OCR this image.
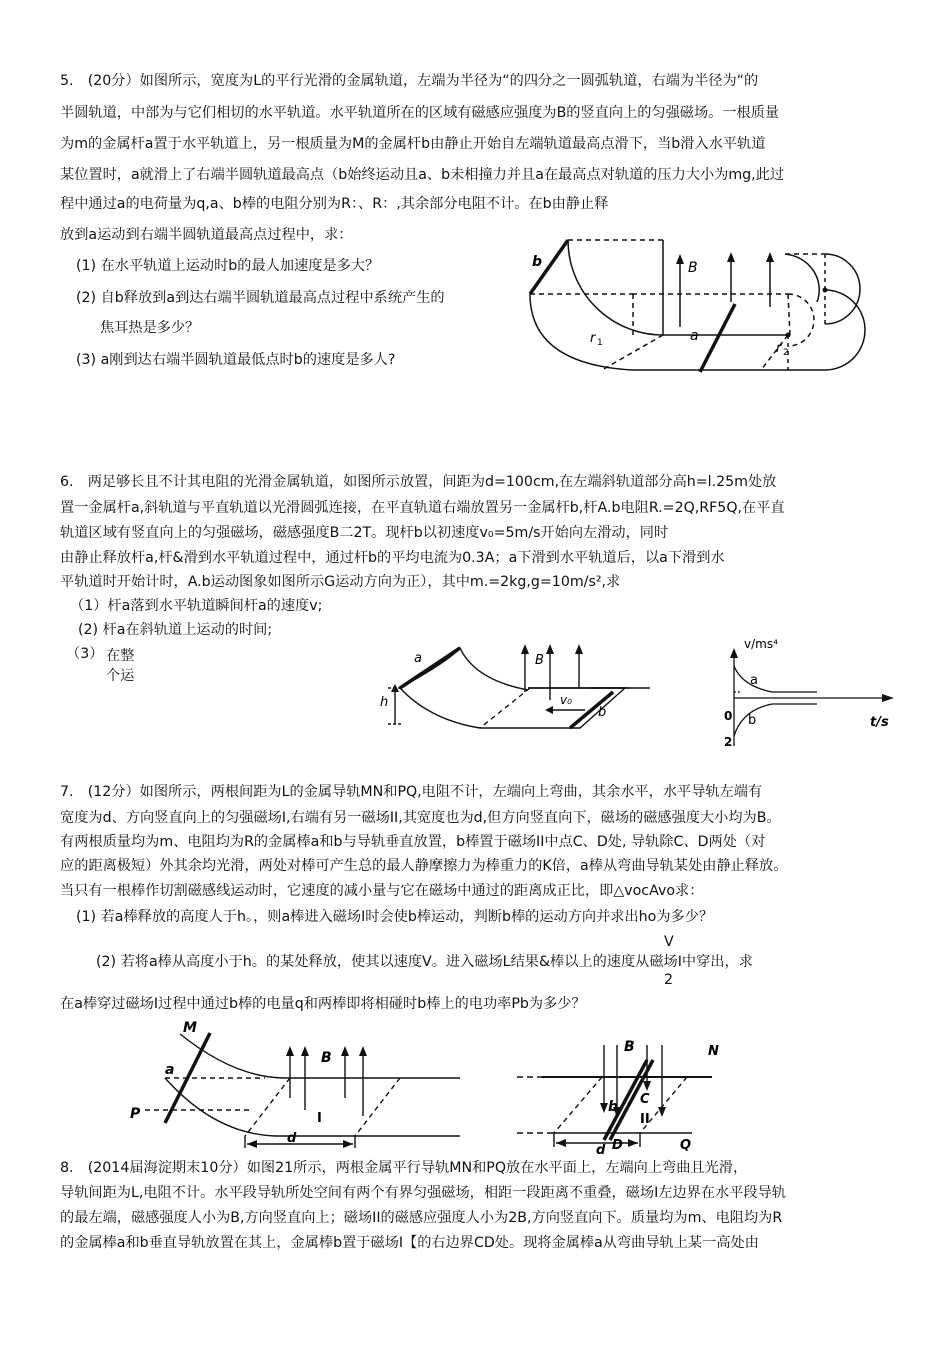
5.　(20分）如图所示，宽度为L的平行光滑的金属轨道，左端为半径为“的四分之一圆弧轨道，右端为半径为“的
半圆轨道，中部为与它们相切的水平轨道。水平轨道所在的区域有磁感应强度为B的竖直向上的匀强磁场。一根质量
为m的金属杆a置于水平轨道上，另一根质量为M的金属杆b由静止开始自左端轨道最高点滑下，当b滑入水平轨道
某位置时，a就滑上了右端半圆轨道最高点（b始终运动且a、b未相撞力并且a在最高点对轨道的压力大小为mg,此过
程中通过a的电荷量为q,a、b棒的电阻分别为R：、R：,其余部分电阻不计。在b由静止释
放到a运动到右端半圆轨道最高点过程中，求：
(1) 在水平轨道上运动时b的最人加速度是多大？
(2) 自b释放到a到达右端半圆轨道最高点过程中系统产生的
焦耳热是多少？
(3) a刚到达右端半圆轨道最低点时b的速度是多人?
b	B
a
r 1	r 2
6.　两足够长且不计其电阻的光滑金属轨道，如图所示放置，间距为d=100cm,在左端斜轨道部分高h=l.25m处放
置一金属杆a,斜轨道与平直轨道以光滑圆弧连接，在平直轨道右端放置另一金属杆b,杆A.b电阻R.=2Q,RF5Q,在平直
轨道区域有竖直向上的匀强磁场，磁感强度B二2T。现杆b以初速度v₀=5m/s开始向左滑动，同时
由静止释放杆a,杆&滑到水平轨道过程中，通过杆b的平均电流为0.3A；a下滑到水平轨道后，以a下滑到水
平轨道时开始计时，A.b运动图象如图所示G运动方向为正），其中m.=2kg,g=10m/s²,求
（1）杆a落到水平轨道瞬间杆a的速度v;
(2) 杆a在斜轨道上运动的时间;
（3） 在整
个运
a	B
h	v₀
b
v/ms⁴
a
b
0
2
t/s
7.　(12分）如图所示，两根间距为L的金属导轨MN和PQ,电阻不计，左端向上弯曲，其余水平，水平导轨左端有
宽度为d、方向竖直向上的匀强磁场I,右端有另一磁场II,其宽度也为d,但方向竖直向下，磁场的磁感强度大小均为B。
有两根质量均为m、电阻均为R的金属棒a和b与导轨垂直放置，b棒置于磁场II中点C、D处, 导轨除C、D两处（对
应的距离极短）外其余均光滑，两处对棒可产生总的最人静摩擦力为棒重力的K倍，a棒从弯曲导轨某处由静止释放。
当只有一根棒作切割磁感线运动时，它速度的减小量与它在磁场中通过的距离成正比，即△vocAvo求：
(1) 若a棒释放的高度人于h。，则a棒进入磁场I时会使b棒运动，判断b棒的运动方向并求出ho为多少？
V
(2) 若将a棒从高度小于h。的某处释放，使其以速度V。进入磁场L结果&棒以上的速度从磁场I中穿出，求
2
在a棒穿过磁场I过程中通过b棒的电量q和两棒即将相碰时b棒上的电功率Pb为多少？
M
a
P
B
I
d
B	N
b C
II
D	Q
d
8.　(2014届海淀期末10分）如图21所示，两根金属平行导轨MN和PQ放在水平面上，左端向上弯曲且光滑，
导轨间距为L,电阻不计。水平段导轨所处空间有两个有界匀强磁场，相距一段距离不重叠，磁场I左边界在水平段导轨
的最左端，磁感强度人小为B,方向竖直向上；磁场II的磁感应强度人小为2B,方向竖直向下。质量均为m、电阻均为R
的金属棒a和b垂直导轨放置在其上，金属棒b置于磁场I【的右边界CD处。现将金属棒a从弯曲导轨上某一高处由
